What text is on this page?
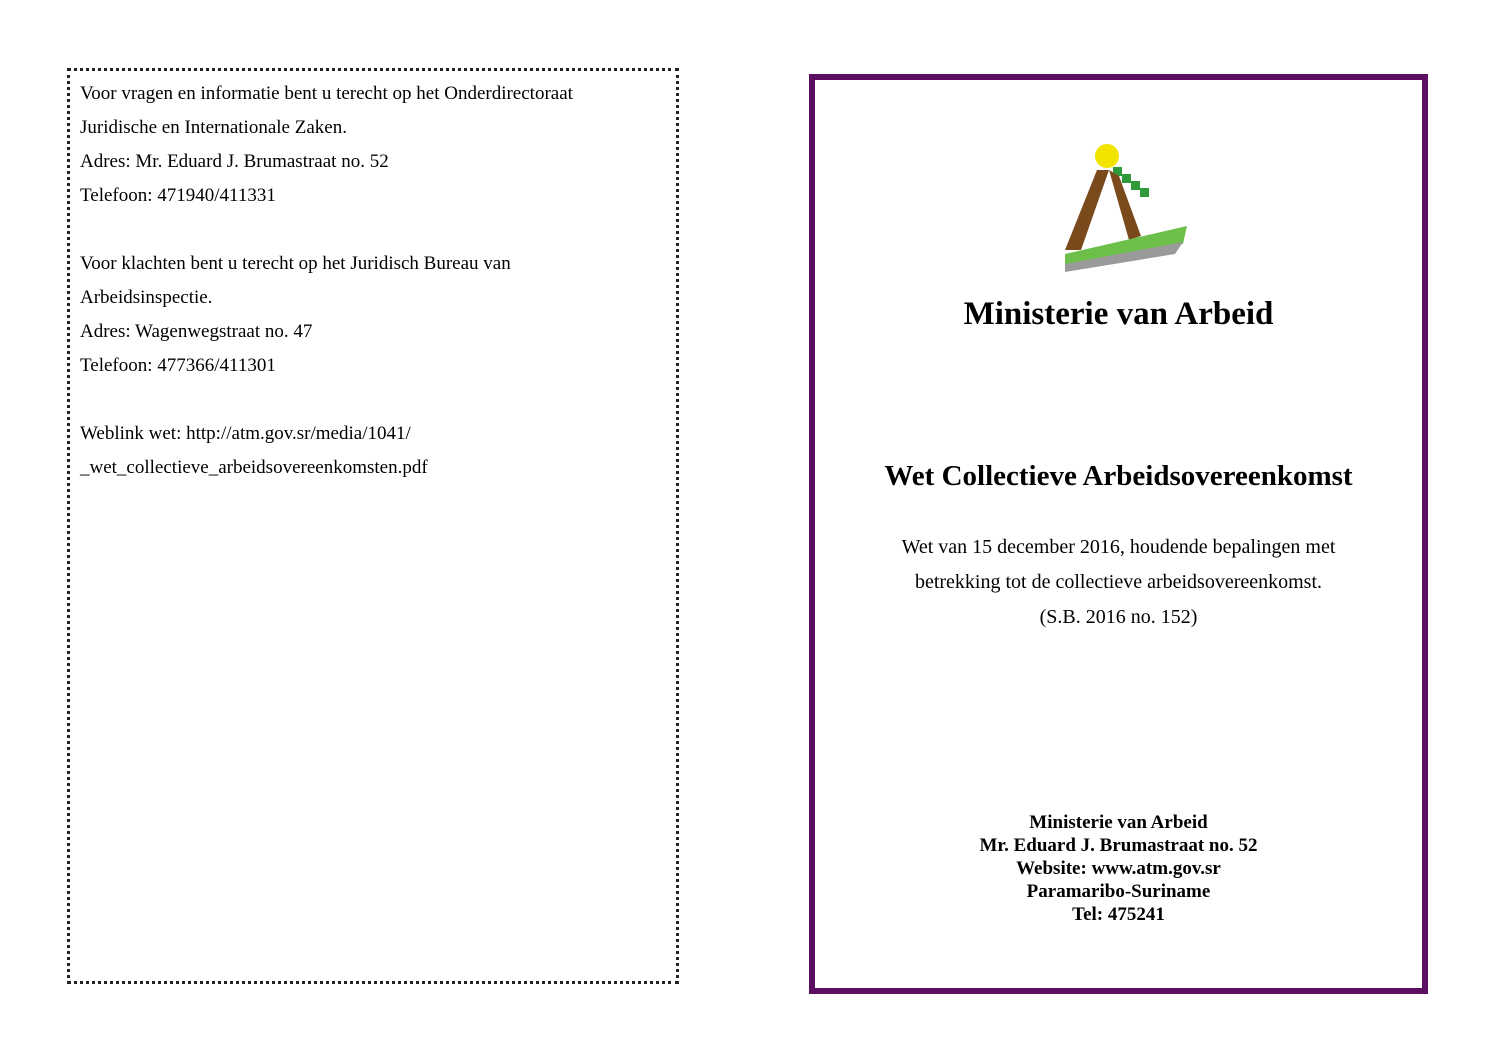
Voor vragen en informatie bent u terecht op het Onderdirectoraat

Juridische en Internationale Zaken.

Adres: Mr. Eduard J. Brumastraat no. 52

Telefoon: 471940/411331

Voor klachten bent u terecht op het Juridisch Bureau van

Arbeidsinspectie.

Adres: Wagenwegstraat no. 47

Telefoon: 477366/411301

Weblink wet: http://atm.gov.sr/media/1041/

_wet_collectieve_arbeidsovereenkomsten.pdf

Ministerie van Arbeid
Wet Collectieve Arbeidsovereenkomst
Wet van 15 december 2016, houdende bepalingen met
betrekking tot de collectieve arbeidsovereenkomst.
(S.B. 2016 no. 152)
Ministerie van Arbeid
Mr. Eduard J. Brumastraat no. 52
Website: www.atm.gov.sr
Paramaribo-Suriname
Tel: 475241
